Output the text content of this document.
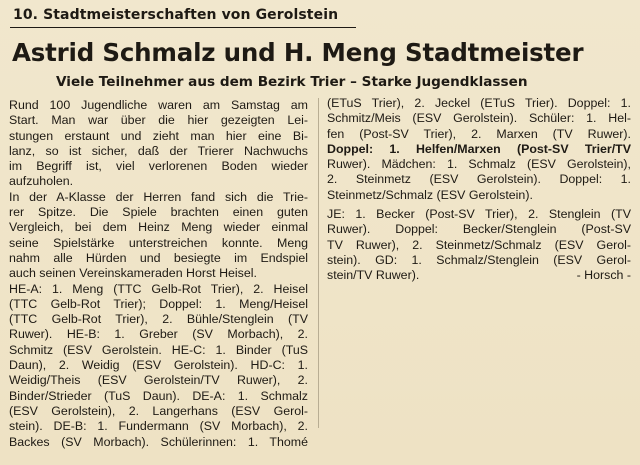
10. Stadtmeisterschaften von Gerolstein
Astrid Schmalz und H. Meng Stadtmeister
Viele Teilnehmer aus dem Bezirk Trier – Starke Jugendklassen
Rund 100 Jugendliche waren am Samstag am
Start. Man war über die hier gezeigten Lei-
stungen erstaunt und zieht man hier eine Bi-
lanz, so ist sicher, daß der Trierer Nachwuchs
im Begriff ist, viel verlorenen Boden wieder
aufzuholen.
In der A-Klasse der Herren fand sich die Trie-
rer Spitze. Die Spiele brachten einen guten
Vergleich, bei dem Heinz Meng wieder einmal
seine Spielstärke unterstreichen konnte. Meng
nahm alle Hürden und besiegte im Endspiel
auch seinen Vereinskameraden Horst Heisel.
HE-A: 1. Meng (TTC Gelb-Rot Trier), 2. Heisel
(TTC Gelb-Rot Trier); Doppel: 1. Meng/Heisel
(TTC Gelb-Rot Trier), 2. Bühle/Stenglein (TV
Ruwer). HE-B: 1. Greber (SV Morbach), 2.
Schmitz (ESV Gerolstein. HE-C: 1. Binder (TuS
Daun), 2. Weidig (ESV Gerolstein). HD-C: 1.
Weidig/Theis (ESV Gerolstein/TV Ruwer), 2.
Binder/Strieder (TuS Daun). DE-A: 1. Schmalz
(ESV Gerolstein), 2. Langerhans (ESV Gerol-
stein). DE-B: 1. Fundermann (SV Morbach), 2.
Backes (SV Morbach). Schülerinnen: 1. Thomé
(ETuS Trier), 2. Jeckel (ETuS Trier). Doppel: 1.
Schmitz/Meis (ESV Gerolstein). Schüler: 1. Hel-
fen (Post-SV Trier), 2. Marxen (TV Ruwer).
Doppel: 1. Helfen/Marxen (Post-SV Trier/TV
Ruwer). Mädchen: 1. Schmalz (ESV Gerolstein),
2. Steinmetz (ESV Gerolstein). Doppel: 1.
Steinmetz/Schmalz (ESV Gerolstein).
JE: 1. Becker (Post-SV Trier), 2. Stenglein (TV
Ruwer). Doppel: Becker/Stenglein (Post-SV
TV Ruwer), 2. Steinmetz/Schmalz (ESV Gerol-
stein). GD: 1. Schmalz/Stenglein (ESV Gerol-
stein/TV Ruwer).	- Horsch -
